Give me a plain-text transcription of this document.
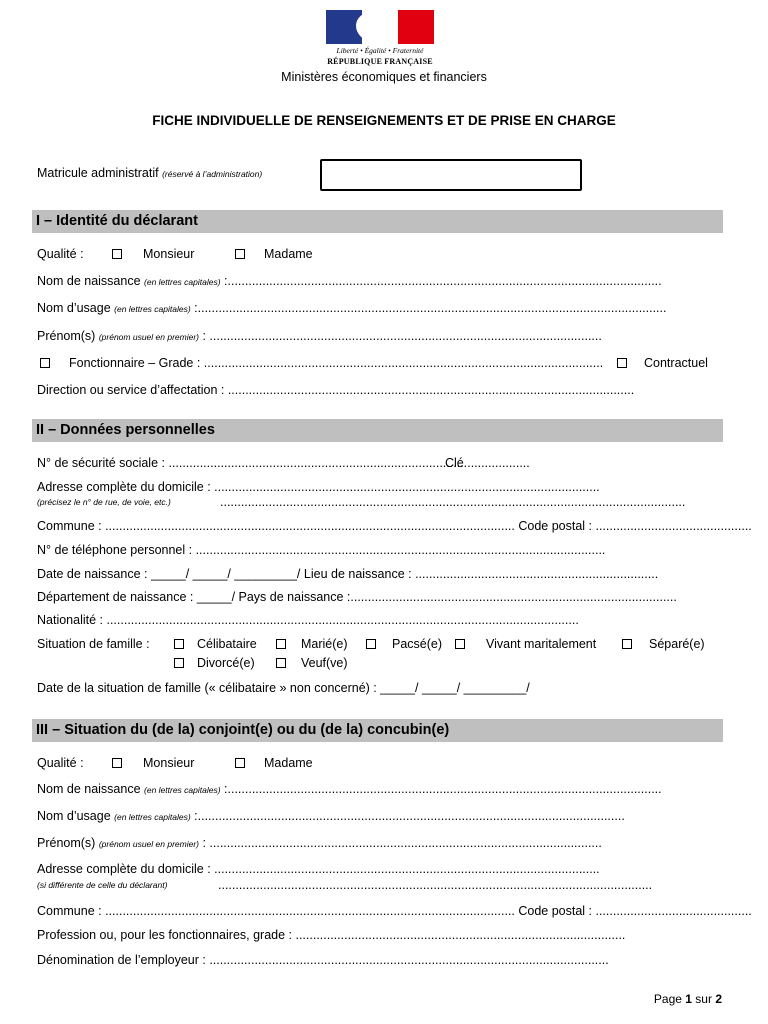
Liberté • Égalité • Fraternité
RÉPUBLIQUE FRANÇAISE
Ministères économiques et financiers
FICHE INDIVIDUELLE DE RENSEIGNEMENTS ET DE PRISE EN CHARGE
Matricule administratif (réservé à l’administration)
I – Identité du déclarant
Qualité :	Monsieur	Madame
Nom de naissance (en lettres capitales) :.............................................................................................................................
Nom d’usage (en lettres capitales) :.......................................................................................................................................
Prénom(s) (prénom usuel en premier) : .................................................................................................................
Fonctionnaire – Grade : ...................................................................................................................	Contractuel
Direction ou service d’affectation : .....................................................................................................................
II – Données personnelles
N° de sécurité sociale : ......................................................................................
Clé ..................
Adresse complète du domicile : ...............................................................................................................
(précisez le n° de rue, de voie, etc.)	......................................................................................................................................
Commune : ...................................................................................................................... Code postal : .............................................
N° de téléphone personnel : ......................................................................................................................
Date de naissance : _____/ _____/ _________/ Lieu de naissance : ......................................................................
Département de naissance : _____/ Pays de naissance :..............................................................................................
Nationalité : ........................................................................................................................................
Situation de famille :	Célibataire	Marié(e)	Pacsé(e)	Vivant maritalement	Séparé(e)
Divorcé(e)	Veuf(ve)
Date de la situation de famille (« célibataire » non concerné) : _____/ _____/ _________/
III – Situation du (de la) conjoint(e) ou du (de la) concubin(e)
Qualité :	Monsieur	Madame
Nom de naissance (en lettres capitales) :.............................................................................................................................
Nom d’usage (en lettres capitales) :...........................................................................................................................
Prénom(s) (prénom usuel en premier) : .................................................................................................................
Adresse complète du domicile : ...............................................................................................................
(si différente de celle du déclarant)	.............................................................................................................................
Commune : ...................................................................................................................... Code postal : .............................................
Profession ou, pour les fonctionnaires, grade : ...............................................................................................
Dénomination de l’employeur : ...................................................................................................................
Page 1 sur 2
